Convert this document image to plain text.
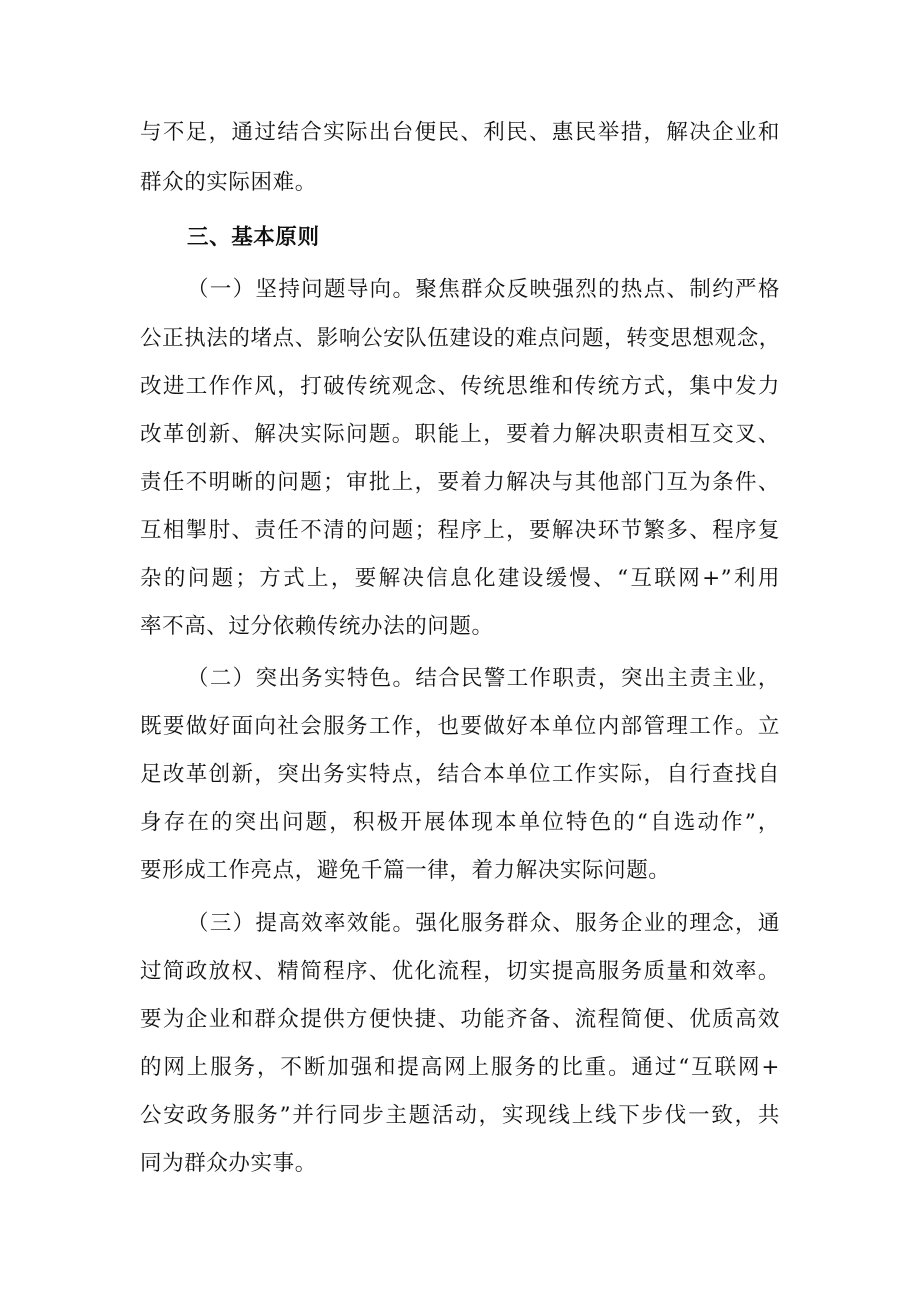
与不足，通过结合实际出台便民、利民、惠民举措，解决企业和
群众的实际困难。
三、基本原则
（一）坚持问题导向。聚焦群众反映强烈的热点、制约严格
公正执法的堵点、影响公安队伍建设的难点问题，转变思想观念，
改进工作作风，打破传统观念、传统思维和传统方式，集中发力
改革创新、解决实际问题。职能上，要着力解决职责相互交叉、
责任不明晰的问题；审批上，要着力解决与其他部门互为条件、
互相掣肘、责任不清的问题；程序上，要解决环节繁多、程序复
杂的问题；方式上，要解决信息化建设缓慢、“互联网+”利用
率不高、过分依赖传统办法的问题。
（二）突出务实特色。结合民警工作职责，突出主责主业，
既要做好面向社会服务工作，也要做好本单位内部管理工作。立
足改革创新，突出务实特点，结合本单位工作实际，自行查找自
身存在的突出问题，积极开展体现本单位特色的“自选动作”，
要形成工作亮点，避免千篇一律，着力解决实际问题。
（三）提高效率效能。强化服务群众、服务企业的理念，通
过简政放权、精简程序、优化流程，切实提高服务质量和效率。
要为企业和群众提供方便快捷、功能齐备、流程简便、优质高效
的网上服务，不断加强和提高网上服务的比重。通过“互联网+
公安政务服务”并行同步主题活动，实现线上线下步伐一致，共
同为群众办实事。
